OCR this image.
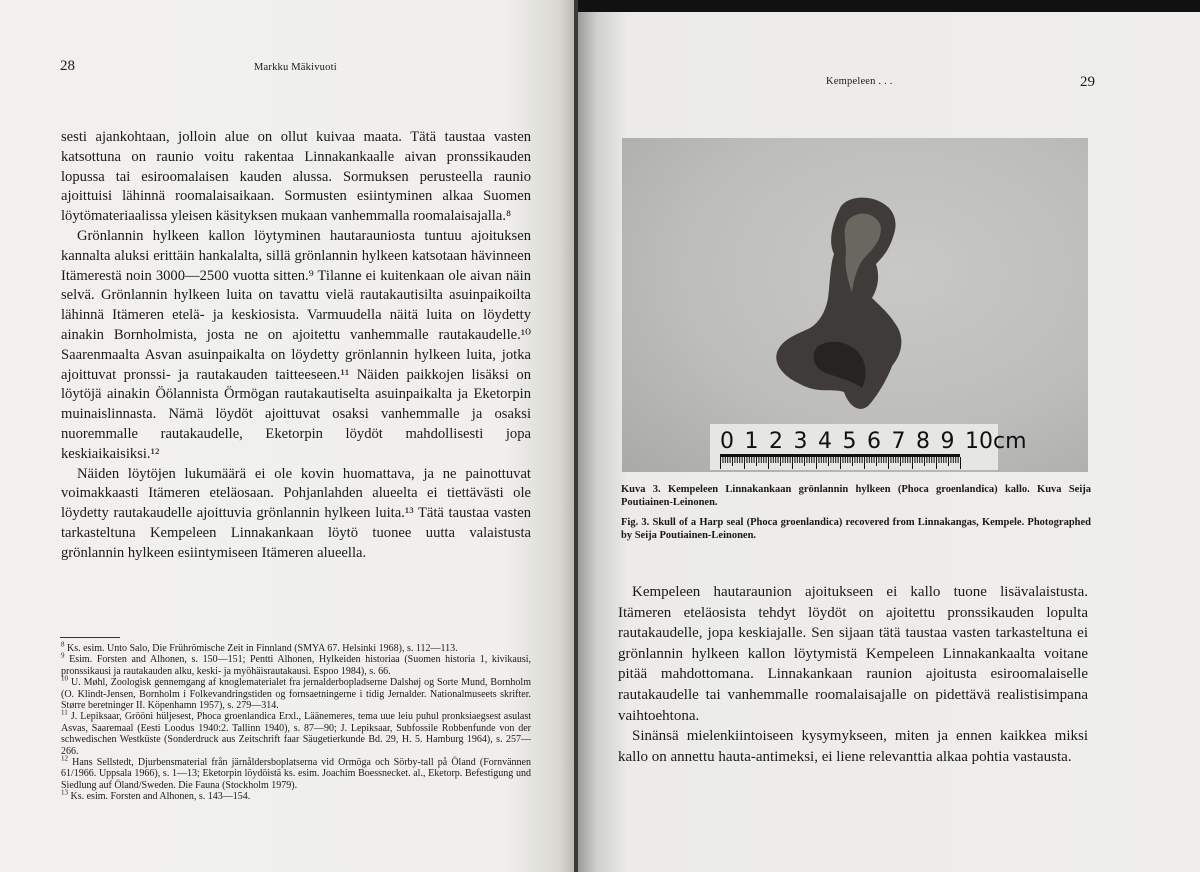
28	Markku Mäkivuoti

sesti ajankohtaan, jolloin alue on ollut kuivaa maata. Tätä taustaa vasten katsottuna on raunio voitu rakentaa Linnakankaalle aivan pronssikauden lopussa tai esiroomalaisen kauden alussa. Sormuksen perusteella raunio ajoittuisi lähinnä roomalaisaikaan. Sormusten esiintyminen alkaa Suomen löytömateriaalissa yleisen käsityksen mukaan vanhemmalla roomalaisajalla.⁸

Grönlannin hylkeen kallon löytyminen hautarauniosta tuntuu ajoituksen kannalta aluksi erittäin hankalalta, sillä grönlannin hylkeen katsotaan hävinneen Itämerestä noin 3000—2500 vuotta sitten.⁹ Tilanne ei kuitenkaan ole aivan näin selvä. Grönlannin hylkeen luita on tavattu vielä rautakautisilta asuinpaikoilta lähinnä Itämeren etelä- ja keskiosista. Varmuudella näitä luita on löydetty ainakin Bornholmista, josta ne on ajoitettu vanhemmalle rautakaudelle.¹⁰ Saarenmaalta Asvan asuinpaikalta on löydetty grönlannin hylkeen luita, jotka ajoittuvat pronssi- ja rautakauden taitteeseen.¹¹ Näiden paikkojen lisäksi on löytöjä ainakin Öölannista Örmögan rautakautiselta asuinpaikalta ja Eketorpin muinaislinnasta. Nämä löydöt ajoittuvat osaksi vanhemmalle ja osaksi nuoremmalle rautakaudelle, Eketorpin löydöt mahdollisesti jopa keskiaikaisiksi.¹²

Näiden löytöjen lukumäärä ei ole kovin huomattava, ja ne painottuvat voimakkaasti Itämeren eteläosaan. Pohjanlahden alueelta ei tiettävästi ole löydetty rautakaudelle ajoittuvia grönlannin hylkeen luita.¹³ Tätä taustaa vasten tarkasteltuna Kempeleen Linnakankaan löytö tuonee uutta valaistusta grönlannin hylkeen esiintymiseen Itämeren alueella.

$^8$ Ks. esim. Unto Salo, Die Frührömische Zeit in Finnland (SMYA 67. Helsinki 1968), s. 112—113.

$^9$ Esim. Forsten and Alhonen, s. 150—151; Pentti Alhonen, Hylkeiden historiaa (Suomen historia 1, kivikausi, pronssikausi ja rautakauden alku, keski- ja myöhäisrautakausi. Espoo 1984), s. 66.

$^{10}$ U. Møhl, Zoologisk gennemgang af knoglematerialet fra jernalderbopladserne Dalshøj og Sorte Mund, Bornholm (O. Klindt-Jensen, Bornholm i Folkevandringstiden og fornsaetningerne i tidig Jernalder. Nationalmuseets skrifter. Større beretninger II. Köpenhamn 1957), s. 279—314.

$^{11}$ J. Lepiksaar, Grööni hüljesest, Phoca groenlandica Erxl., Läänemeres, tema uue leiu puhul pronksiaegsest asulast Asvas, Saaremaal (Eesti Loodus 1940:2. Tallinn 1940), s. 87—90; J. Lepiksaar, Subfossile Robbenfunde von der schwedischen Westküste (Sonderdruck aus Zeitschrift faar Säugetierkunde Bd. 29, H. 5. Hamburg 1964), s. 257—266.

$^{12}$ Hans Sellstedt, Djurbensmaterial från järnåldersboplatserna vid Ormöga och Sörby-tall på Öland (Fornvännen 61/1966. Uppsala 1966), s. 1—13; Eketorpin löydöistä ks. esim. Joachim Boessnecket. al., Eketorp. Befestigung und Siedlung auf Öland/Sweden. Die Fauna (Stockholm 1979).

$^{13}$ Ks. esim. Forsten and Alhonen, s. 143—154.

Kempeleen . . .	29
0 1 2 3 4 5 6 7 8 9 10cm

Kuva 3. Kempeleen Linnakankaan grönlannin hylkeen (Phoca groenlandica) kallo. Kuva Seija Poutiainen-Leinonen.

Fig. 3. Skull of a Harp seal (Phoca groenlandica) recovered from Linnakangas, Kempele. Photographed by Seija Poutiainen-Leinonen.

Kempeleen hautaraunion ajoitukseen ei kallo tuone lisävalaistusta. Itämeren eteläosista tehdyt löydöt on ajoitettu pronssikauden lopulta rautakaudelle, jopa keskiajalle. Sen sijaan tätä taustaa vasten tarkasteltuna ei grönlannin hylkeen kallon löytymistä Kempeleen Linnakankaalta voitane pitää mahdottomana. Linnakankaan raunion ajoitusta esiroomalaiselle rautakaudelle tai vanhemmalle roomalaisajalle on pidettävä realistisimpana vaihtoehtona.

Sinänsä mielenkiintoiseen kysymykseen, miten ja ennen kaikkea miksi kallo on annettu hauta-antimeksi, ei liene relevanttia alkaa pohtia vastausta.
